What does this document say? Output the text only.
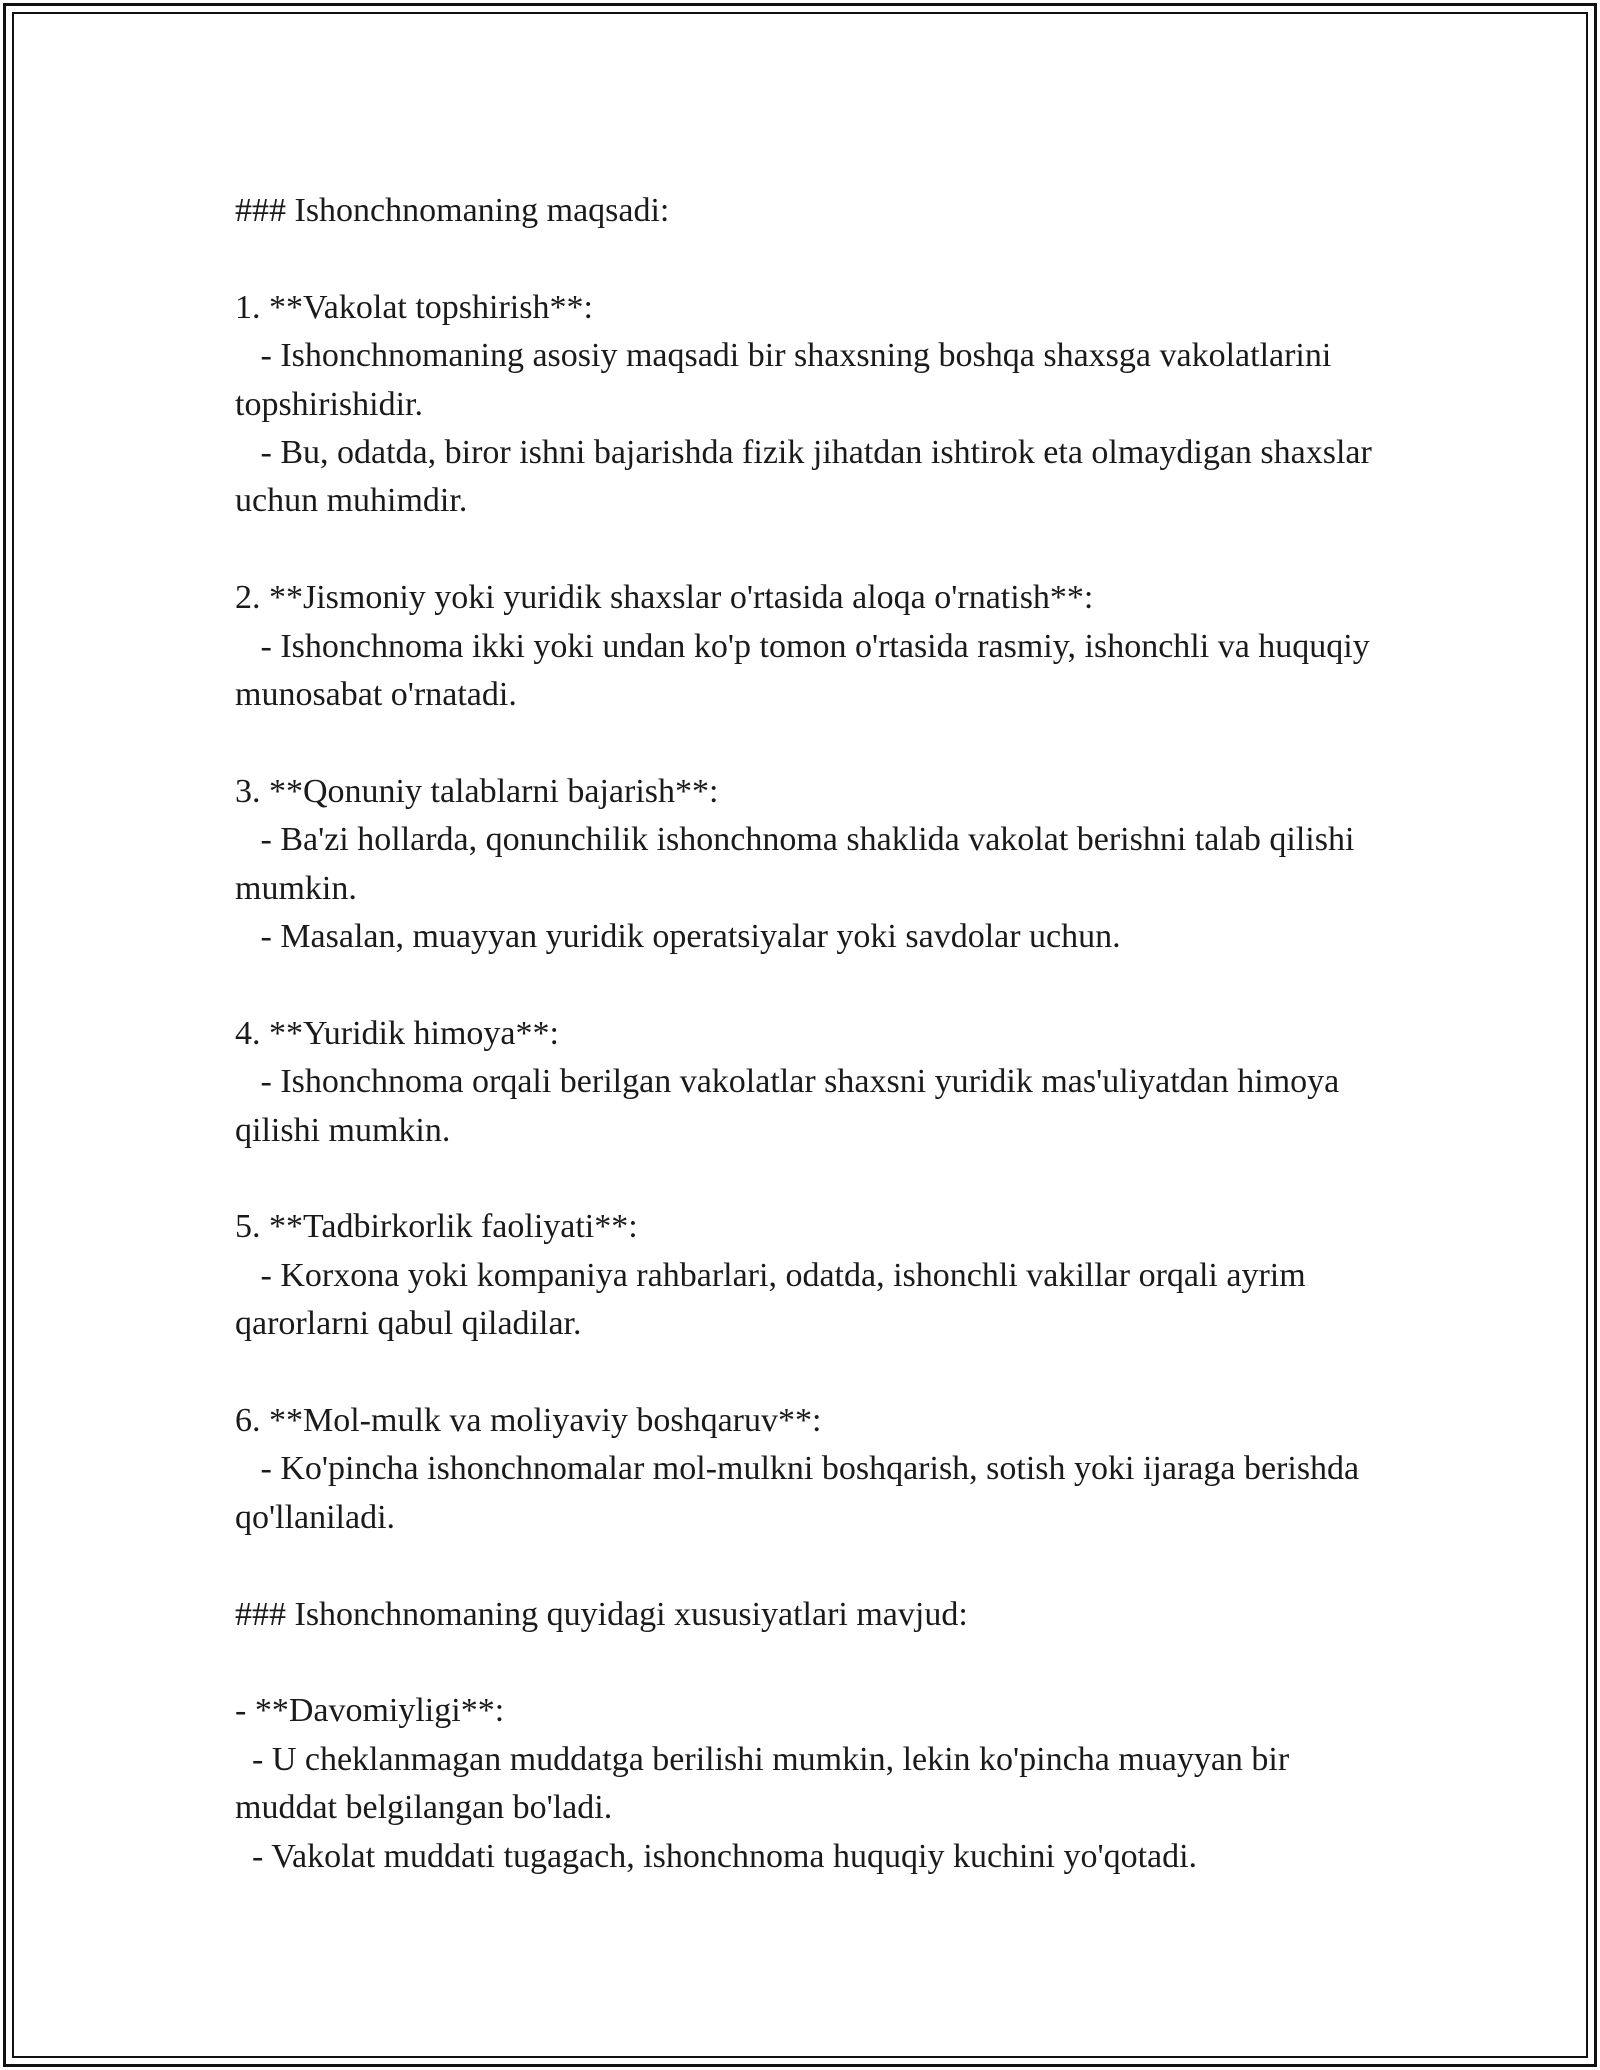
### Ishonchnomaning maqsadi:
1. **Vakolat topshirish**:
- Ishonchnomaning asosiy maqsadi bir shaxsning boshqa shaxsga vakolatlarini topshirishidir.
- Bu, odatda, biror ishni bajarishda fizik jihatdan ishtirok eta olmaydigan shaxslar uchun muhimdir.
2. **Jismoniy yoki yuridik shaxslar o'rtasida aloqa o'rnatish**:
- Ishonchnoma ikki yoki undan ko'p tomon o'rtasida rasmiy, ishonchli va huquqiy munosabat o'rnatadi.
3. **Qonuniy talablarni bajarish**:
- Ba'zi hollarda, qonunchilik ishonchnoma shaklida vakolat berishni talab qilishi mumkin.
- Masalan, muayyan yuridik operatsiyalar yoki savdolar uchun.
4. **Yuridik himoya**:
- Ishonchnoma orqali berilgan vakolatlar shaxsni yuridik mas'uliyatdan himoya qilishi mumkin.
5. **Tadbirkorlik faoliyati**:
- Korxona yoki kompaniya rahbarlari, odatda, ishonchli vakillar orqali ayrim qarorlarni qabul qiladilar.
6. **Mol-mulk va moliyaviy boshqaruv**:
- Ko'pincha ishonchnomalar mol-mulkni boshqarish, sotish yoki ijaraga berishda qo'llaniladi.
### Ishonchnomaning quyidagi xususiyatlari mavjud:
- **Davomiyligi**:
- U cheklanmagan muddatga berilishi mumkin, lekin ko'pincha muayyan bir muddat belgilangan bo'ladi.
- Vakolat muddati tugagach, ishonchnoma huquqiy kuchini yo'qotadi.
